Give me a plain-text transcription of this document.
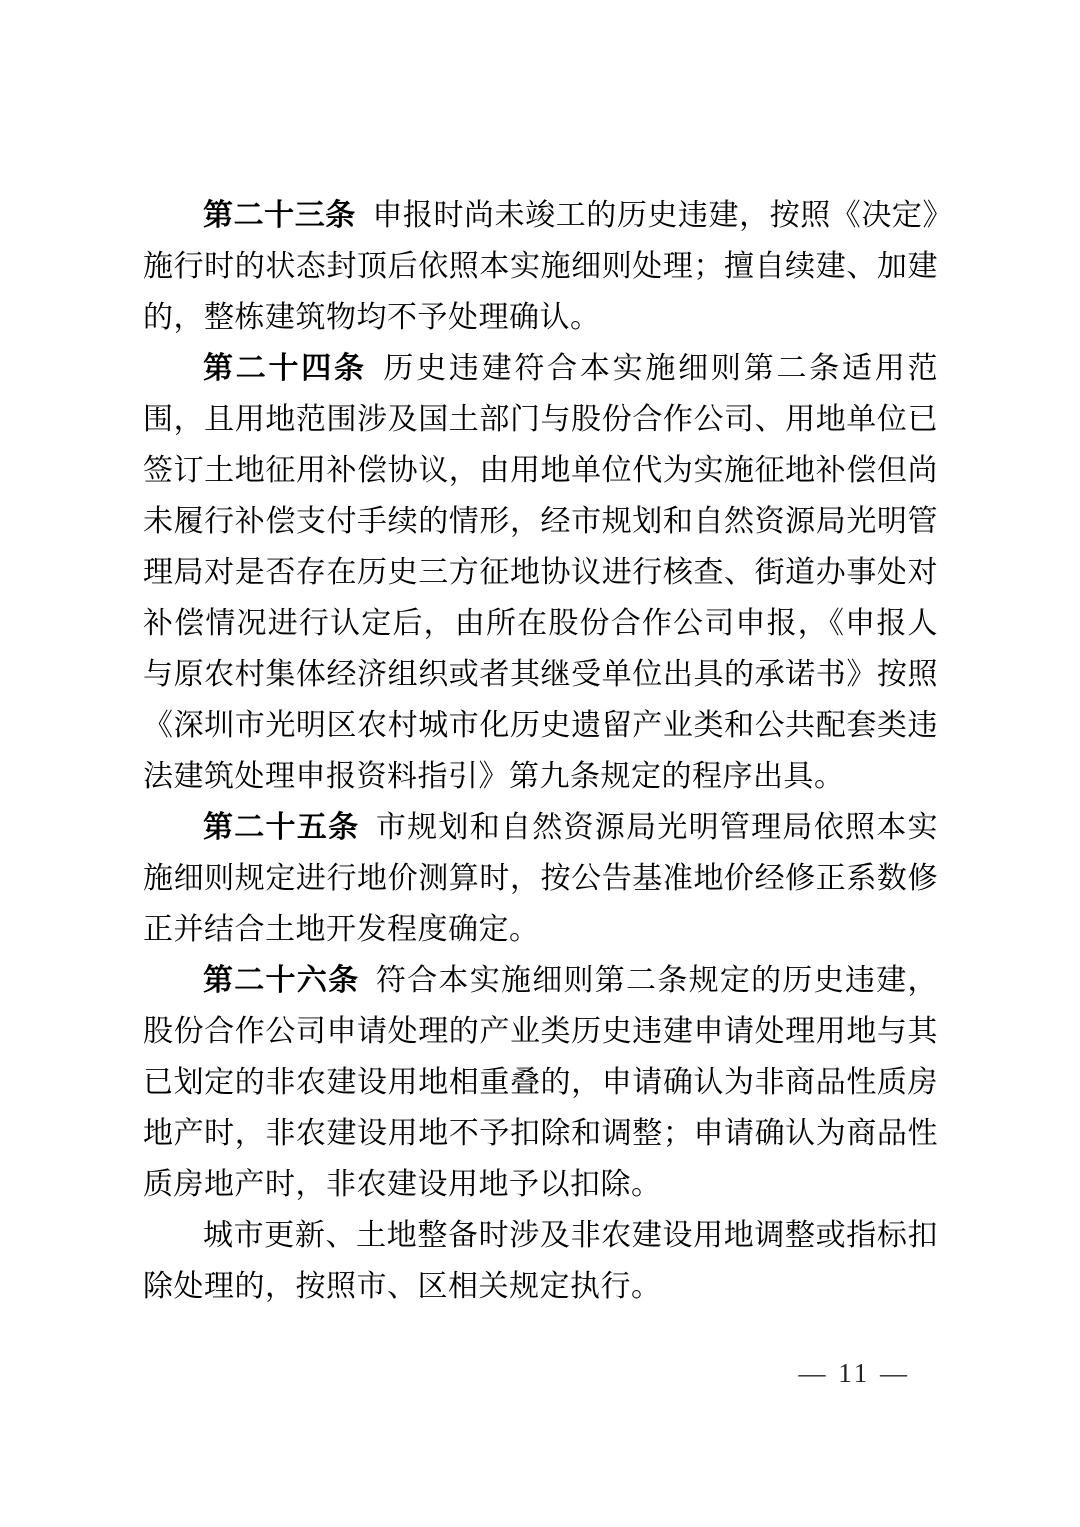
第二十三条 申报时尚未竣工的历史违建，按照《决定》施行时的状态封顶后依照本实施细则处理；擅自续建、加建的，整栋建筑物均不予处理确认。

第二十四条 历史违建符合本实施细则第二条适用范围，且用地范围涉及国土部门与股份合作公司、用地单位已签订土地征用补偿协议，由用地单位代为实施征地补偿但尚未履行补偿支付手续的情形，经市规划和自然资源局光明管理局对是否存在历史三方征地协议进行核查、街道办事处对补偿情况进行认定后，由所在股份合作公司申报，《申报人与原农村集体经济组织或者其继受单位出具的承诺书》按照《深圳市光明区农村城市化历史遗留产业类和公共配套类违法建筑处理申报资料指引》第九条规定的程序出具。

第二十五条 市规划和自然资源局光明管理局依照本实施细则规定进行地价测算时，按公告基准地价经修正系数修正并结合土地开发程度确定。

第二十六条 符合本实施细则第二条规定的历史违建，股份合作公司申请处理的产业类历史违建申请处理用地与其已划定的非农建设用地相重叠的，申请确认为非商品性质房地产时，非农建设用地不予扣除和调整；申请确认为商品性质房地产时，非农建设用地予以扣除。

城市更新、土地整备时涉及非农建设用地调整或指标扣除处理的，按照市、区相关规定执行。

— 11 —
